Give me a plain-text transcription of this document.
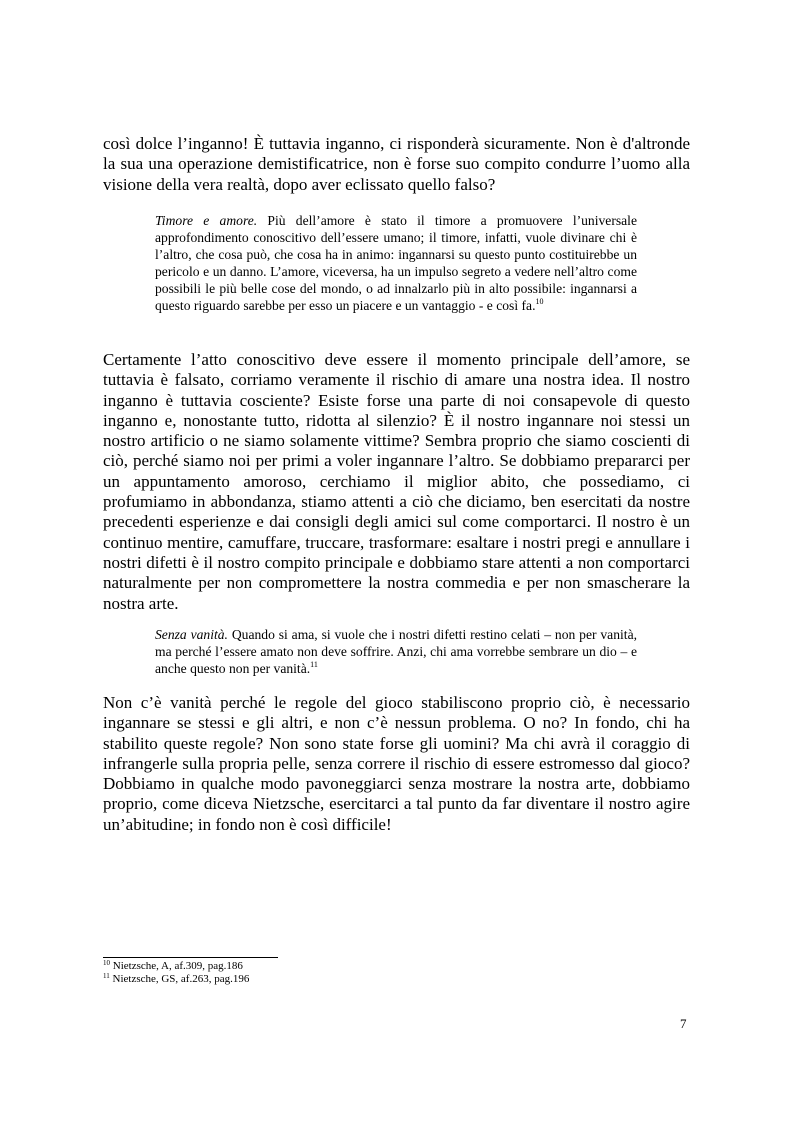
così dolce l’inganno! È tuttavia inganno, ci risponderà sicuramente. Non è d'altronde la sua una operazione demistificatrice, non è forse suo compito condurre l’uomo alla visione della vera realtà, dopo aver eclissato quello falso?

Timore e amore. Più dell’amore è stato il timore a promuovere l’universale approfondimento conoscitivo dell’essere umano; il timore, infatti, vuole divinare chi è l’altro, che cosa può, che cosa ha in animo: ingannarsi su questo punto costituirebbe un pericolo e un danno. L’amore, viceversa, ha un impulso segreto a vedere nell’altro come possibili le più belle cose del mondo, o ad innalzarlo più in alto possibile: ingannarsi a questo riguardo sarebbe per esso un piacere e un vantaggio - e così fa.$^{10}$

Certamente l’atto conoscitivo deve essere il momento principale dell’amore, se tuttavia è falsato, corriamo veramente il rischio di amare una nostra idea. Il nostro inganno è tuttavia cosciente? Esiste forse una parte di noi consapevole di questo inganno e, nonostante tutto, ridotta al silenzio? È il nostro ingannare noi stessi un nostro artificio o ne siamo solamente vittime? Sembra proprio che siamo coscienti di ciò, perché siamo noi per primi a voler ingannare l’altro. Se dobbiamo prepararci per un appuntamento amoroso, cerchiamo il miglior abito, che possediamo, ci profumiamo in abbondanza, stiamo attenti a ciò che diciamo, ben esercitati da nostre precedenti esperienze e dai consigli degli amici sul come comportarci. Il nostro è un continuo mentire, camuffare, truccare, trasformare: esaltare i nostri pregi e annullare i nostri difetti è il nostro compito principale e dobbiamo stare attenti a non comportarci naturalmente per non compromettere la nostra commedia e per non smascherare la nostra arte.

Senza vanità. Quando si ama, si vuole che i nostri difetti restino celati – non per vanità, ma perché l’essere amato non deve soffrire. Anzi, chi ama vorrebbe sembrare un dio – e anche questo non per vanità.$^{11}$

Non c’è vanità perché le regole del gioco stabiliscono proprio ciò, è necessario ingannare se stessi e gli altri, e non c’è nessun problema. O no? In fondo, chi ha stabilito queste regole? Non sono state forse gli uomini? Ma chi avrà il coraggio di infrangerle sulla propria pelle, senza correre il rischio di essere estromesso dal gioco? Dobbiamo in qualche modo pavoneggiarci senza mostrare la nostra arte, dobbiamo proprio, come diceva Nietzsche, esercitarci a tal punto da far diventare il nostro agire un’abitudine; in fondo non è così difficile!

$^{10}$ Nietzsche, A, af.309, pag.186
$^{11}$ Nietzsche, GS, af.263, pag.196
7
